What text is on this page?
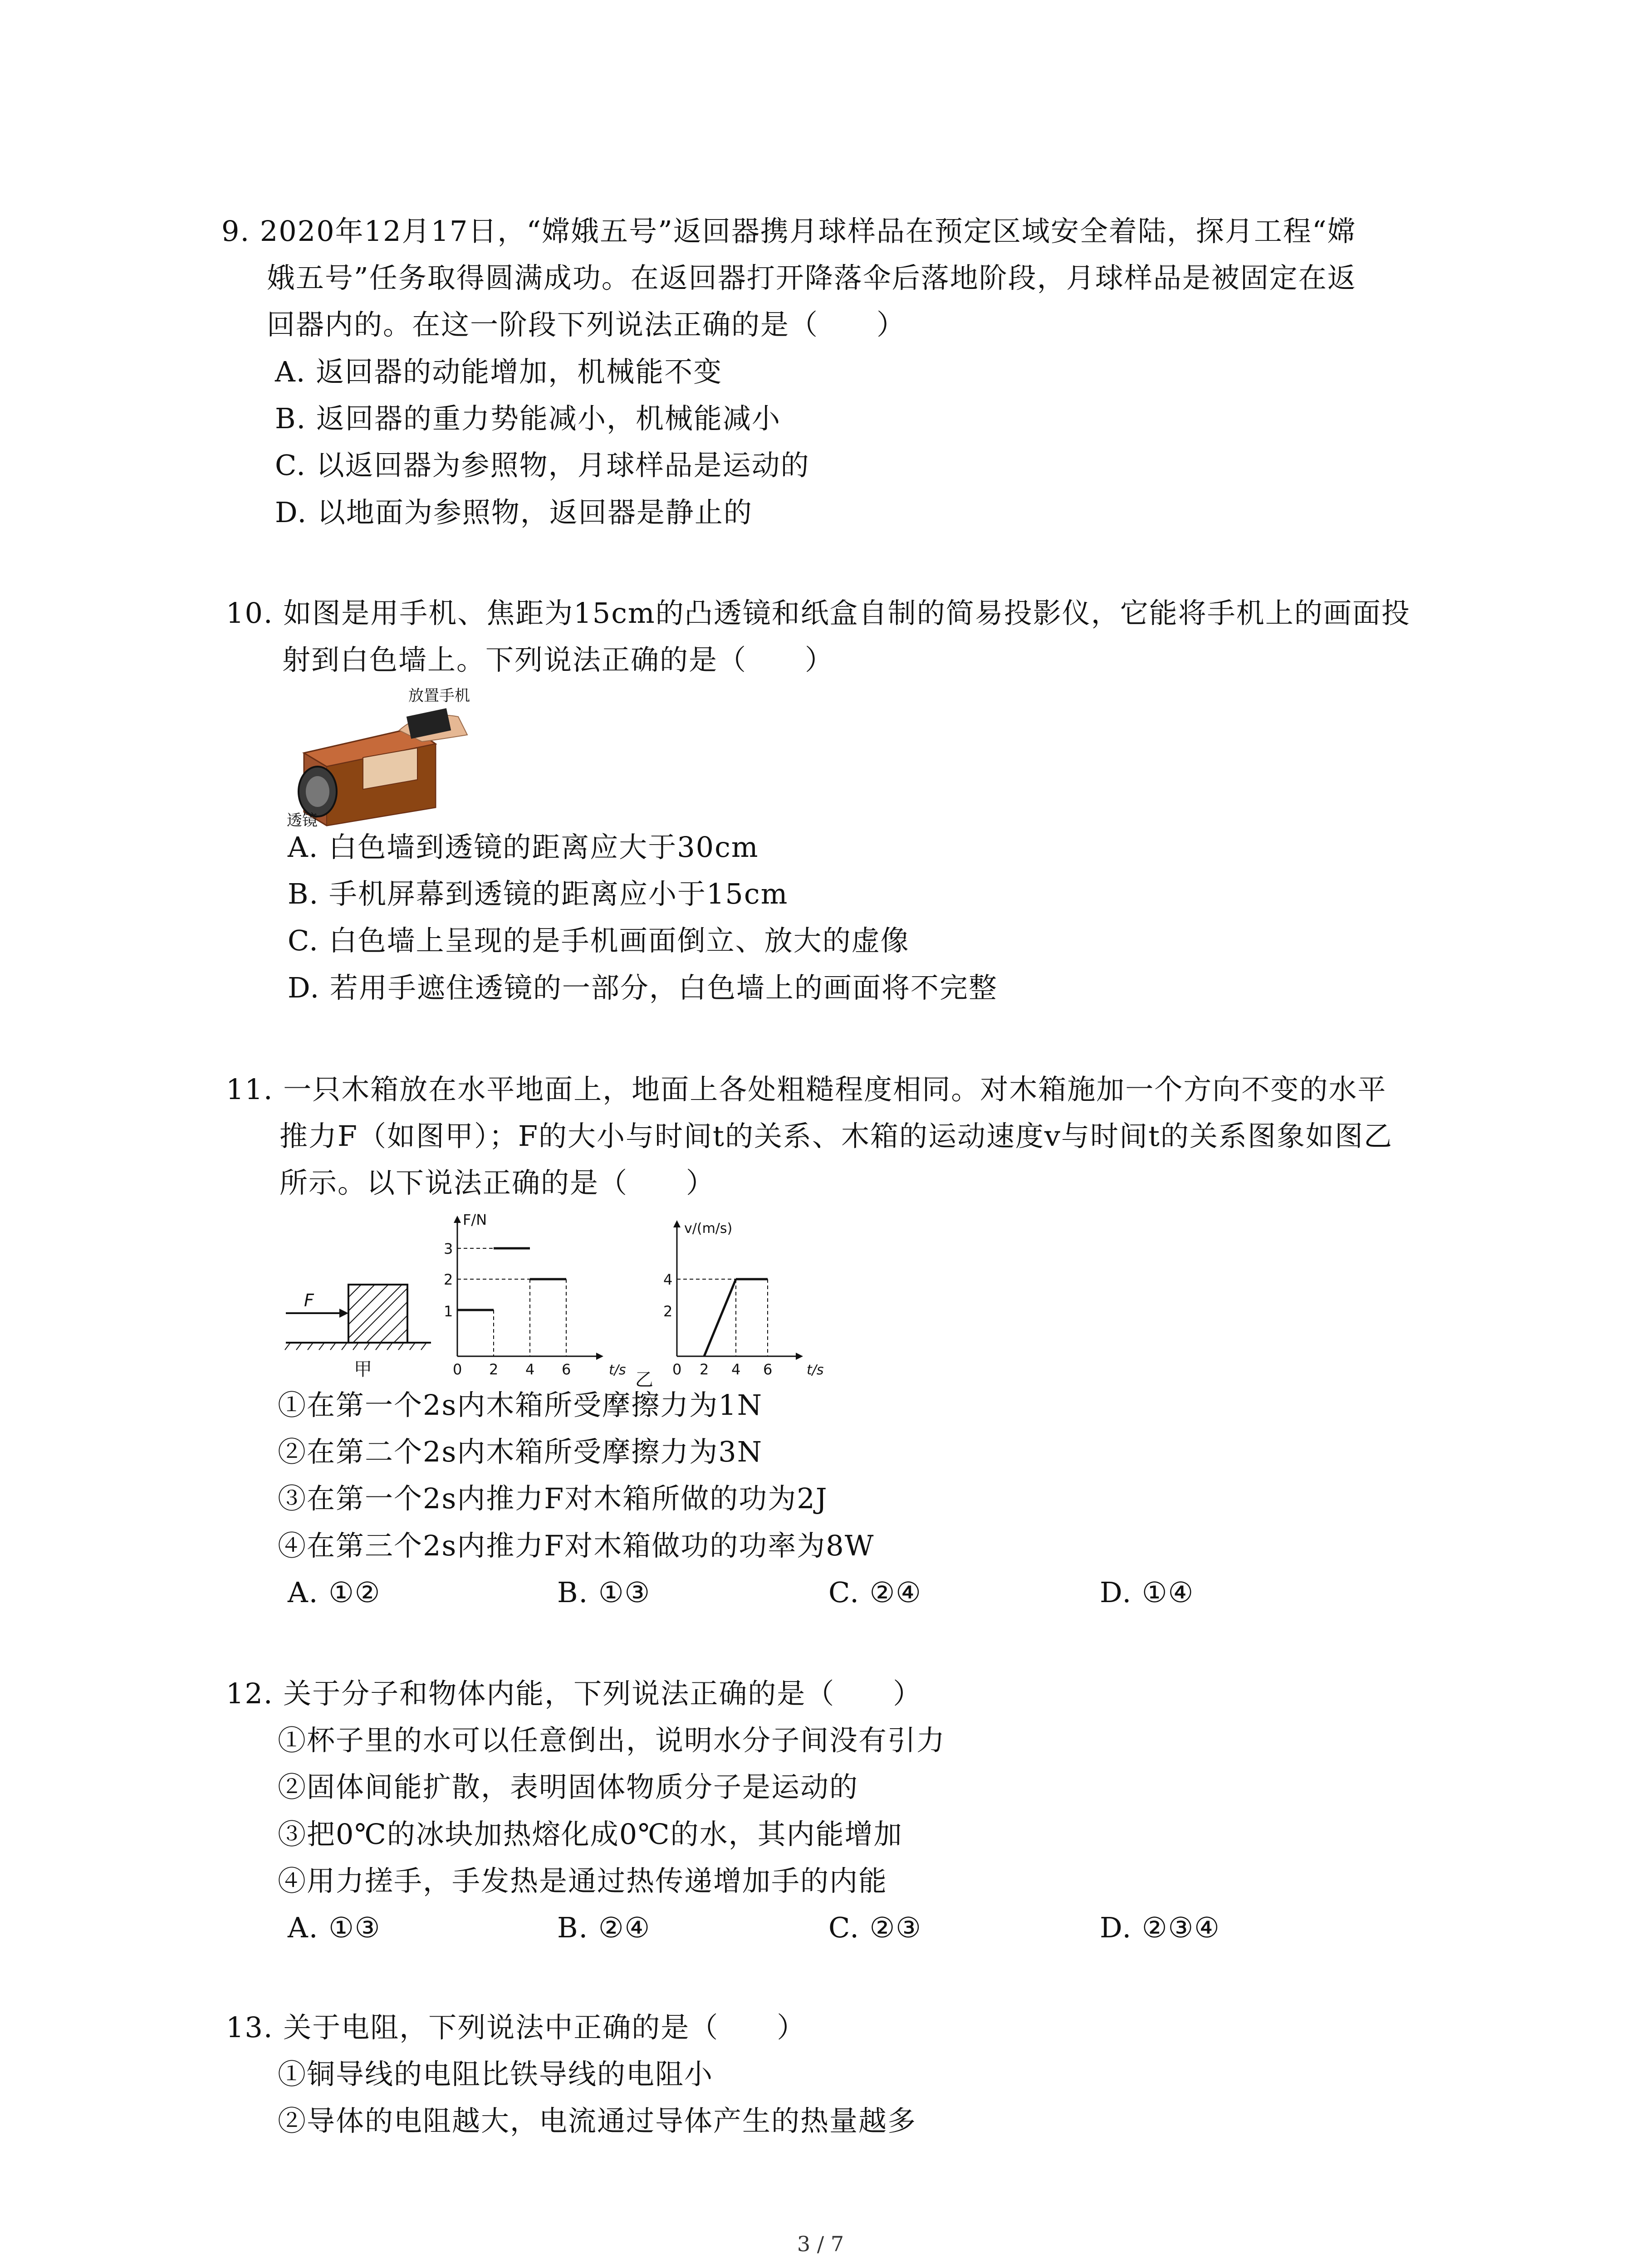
9. 2020年12月17日，“嫦娥五号”返回器携月球样品在预定区域安全着陆，探月工程“嫦
娥五号”任务取得圆满成功。在返回器打开降落伞后落地阶段，月球样品是被固定在返
回器内的。在这一阶段下列说法正确的是（　　）
A. 返回器的动能增加，机械能不变
B. 返回器的重力势能减小，机械能减小
C. 以返回器为参照物，月球样品是运动的
D. 以地面为参照物，返回器是静止的
10. 如图是用手机、焦距为15cm的凸透镜和纸盒自制的简易投影仪，它能将手机上的画面投
射到白色墙上。下列说法正确的是（　　）
放置手机
透镜
A. 白色墙到透镜的距离应大于30cm
B. 手机屏幕到透镜的距离应小于15cm
C. 白色墙上呈现的是手机画面倒立、放大的虚像
D. 若用手遮住透镜的一部分，白色墙上的画面将不完整
11. 一只木箱放在水平地面上，地面上各处粗糙程度相同。对木箱施加一个方向不变的水平
推力F（如图甲）；F的大小与时间t的关系、木箱的运动速度v与时间t的关系图象如图乙
所示。以下说法正确的是（　　）
F
甲
F/N
t/s
1
2
3
0 2 4 6
v/(m/s)
t/s
2
4
0 2 4 6
乙
①在第一个2s内木箱所受摩擦力为1N
②在第二个2s内木箱所受摩擦力为3N
③在第一个2s内推力F对木箱所做的功为2J
④在第三个2s内推力F对木箱做功的功率为8W
A. ①②	B. ①③	C. ②④	D. ①④
12. 关于分子和物体内能，下列说法正确的是（　　）
①杯子里的水可以任意倒出，说明水分子间没有引力
②固体间能扩散，表明固体物质分子是运动的
③把0℃的冰块加热熔化成0℃的水，其内能增加
④用力搓手，手发热是通过热传递增加手的内能
A. ①③	B. ②④	C. ②③	D. ②③④
13. 关于电阻，下列说法中正确的是（　　）
①铜导线的电阻比铁导线的电阻小
②导体的电阻越大，电流通过导体产生的热量越多
3 / 7
